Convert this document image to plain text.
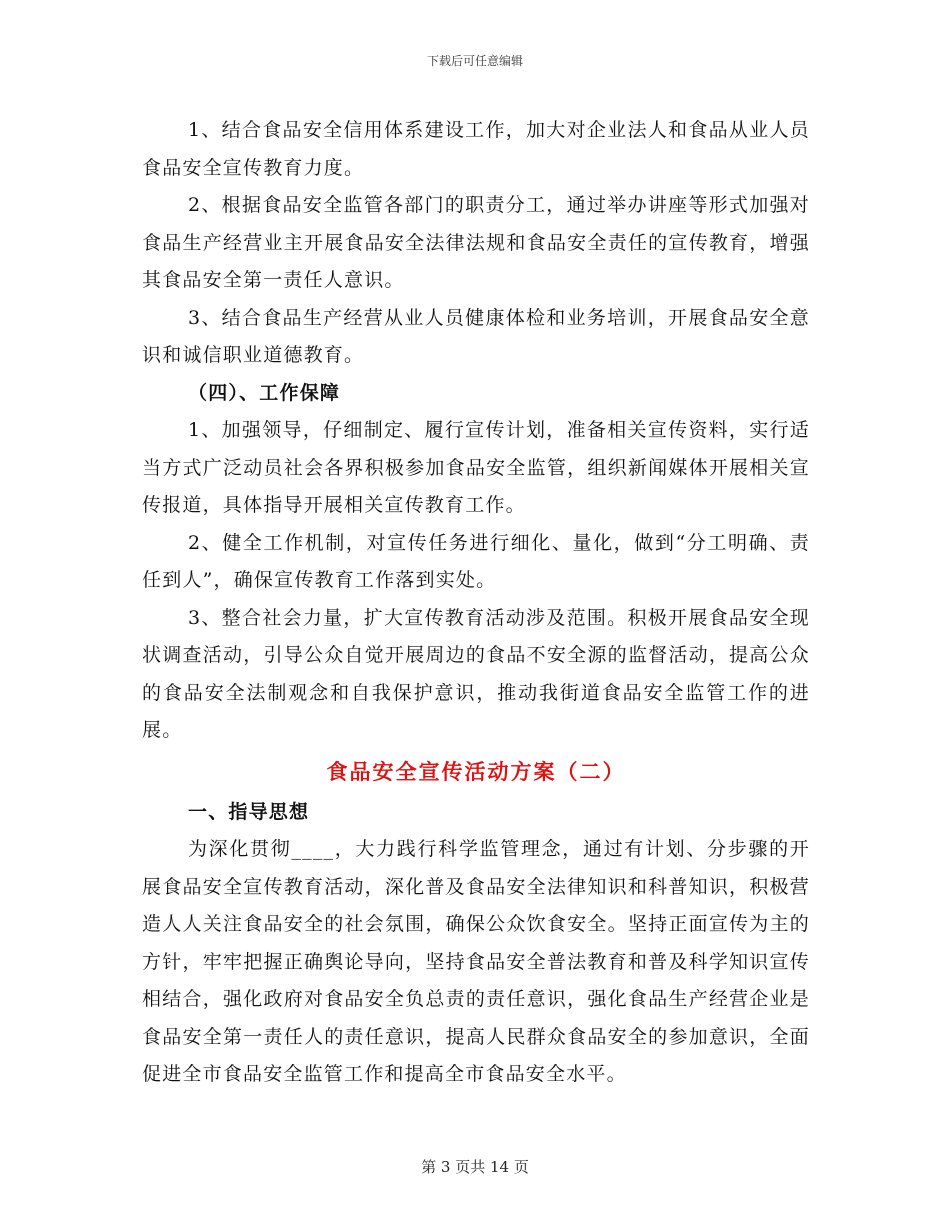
下载后可任意编辑

1、结合食品安全信用体系建设工作，加大对企业法人和食品从业人员食品安全宣传教育力度。

2、根据食品安全监管各部门的职责分工，通过举办讲座等形式加强对食品生产经营业主开展食品安全法律法规和食品安全责任的宣传教育，增强其食品安全第一责任人意识。

3、结合食品生产经营从业人员健康体检和业务培训，开展食品安全意识和诚信职业道德教育。

（四）、工作保障

1、加强领导，仔细制定、履行宣传计划，准备相关宣传资料，实行适当方式广泛动员社会各界积极参加食品安全监管，组织新闻媒体开展相关宣传报道，具体指导开展相关宣传教育工作。

2、健全工作机制，对宣传任务进行细化、量化，做到“分工明确、责任到人”，确保宣传教育工作落到实处。

3、整合社会力量，扩大宣传教育活动涉及范围。积极开展食品安全现状调查活动，引导公众自觉开展周边的食品不安全源的监督活动，提高公众的食品安全法制观念和自我保护意识，推动我街道食品安全监管工作的进展。

食品安全宣传活动方案（二）

一、指导思想

为深化贯彻____，大力践行科学监管理念，通过有计划、分步骤的开展食品安全宣传教育活动，深化普及食品安全法律知识和科普知识，积极营造人人关注食品安全的社会氛围，确保公众饮食安全。坚持正面宣传为主的方针，牢牢把握正确舆论导向，坚持食品安全普法教育和普及科学知识宣传相结合，强化政府对食品安全负总责的责任意识，强化食品生产经营企业是食品安全第一责任人的责任意识，提高人民群众食品安全的参加意识，全面促进全市食品安全监管工作和提高全市食品安全水平。

第 3 页共 14 页
